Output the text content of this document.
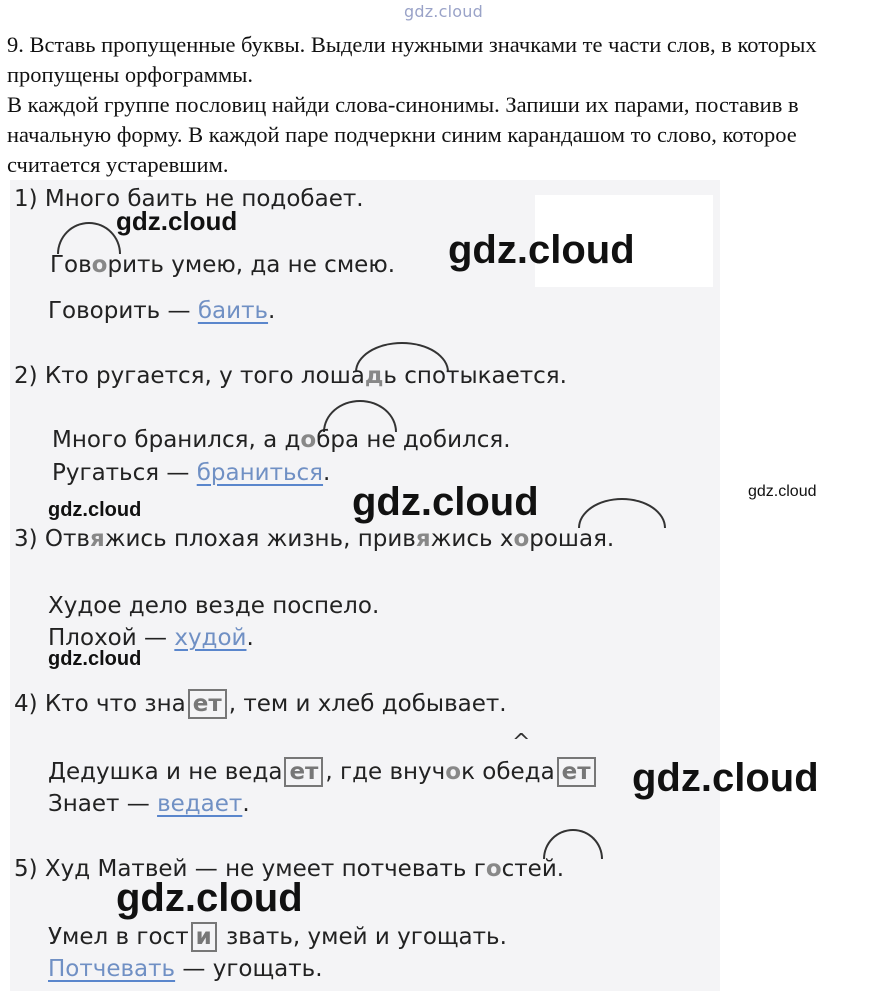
gdz.cloud

9. Вставь пропущенные буквы. Выдели нужными значками те части слов, в которых пропущены орфограммы.

В каждой группе пословиц найди слова-синонимы. Запиши их парами, поставив в начальную форму. В каждой паре подчеркни синим карандашом то слово, которое считается устаревшим.

1) Много баить не подобает.
Говорить умею, да не смею.
Говорить — баить.
2) Кто ругается, у того лошадь спотыкается.
Много бранился, а добра не добился.
Ругаться — браниться.
3) Отвяжись плохая жизнь, привяжись хорошая.
Худое дело везде поспело.
Плохой — худой.
4) Кто что зна ет , тем и хлеб добывает.
^
Дедушка и не веда ет , где внучок обеда ет
Знает — ведает.
5) Худ Матвей — не умеет потчевать гостей.
Умел в гост и звать, умей и угощать.
Потчевать — угощать.
gdz.cloud
gdz.cloud
gdz.cloud	gdz.cloud
gdz.cloud
gdz.cloud
gdz.cloud
gdz.cloud
